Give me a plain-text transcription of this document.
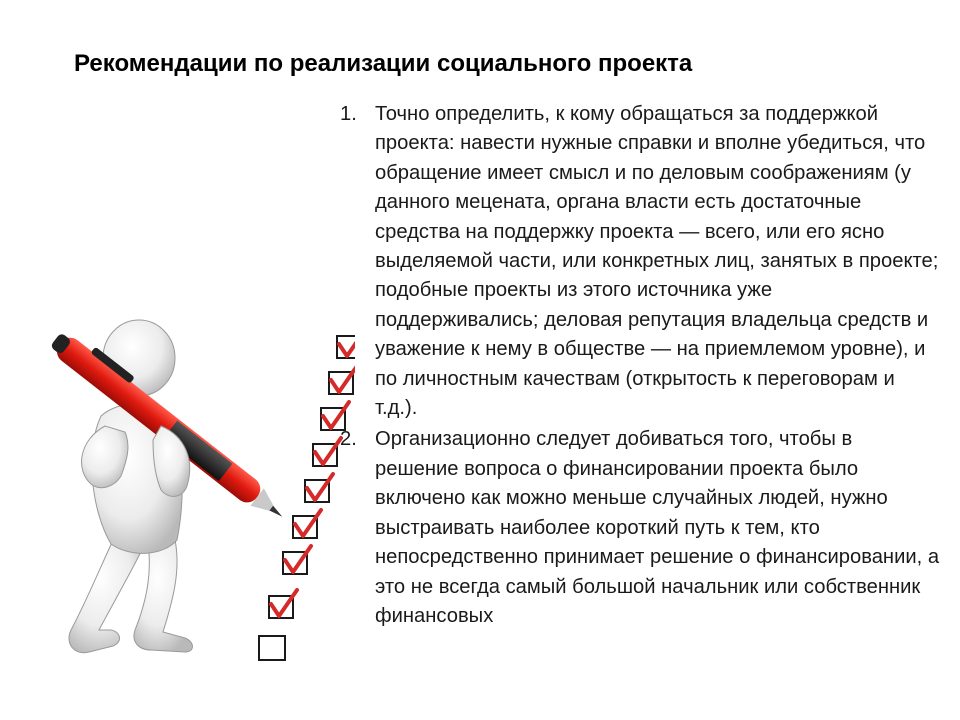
Рекомендации по реализации социального проекта
1. Точно определить, к кому обращаться за поддержкой проекта: навести нужные справки и вполне убедиться, что обращение имеет смысл и по деловым соображениям (у данного мецената, органа власти есть достаточные средства на поддержку проекта — всего, или его ясно выделяемой части, или конкретных лиц, занятых в проекте; подобные проекты из этого источника уже поддерживались; деловая репутация владельца средств и уважение к нему в обществе — на приемлемом уровне), и по личностным качествам (открытость к переговорам и т.д.).
2. Организационно следует добиваться того, чтобы в решение вопроса о финансировании проекта было включено как можно меньше случайных людей, нужно выстраивать наиболее короткий путь к тем, кто непосредственно принимает решение о финансировании, а это не всегда самый большой начальник или собственник финансовых
